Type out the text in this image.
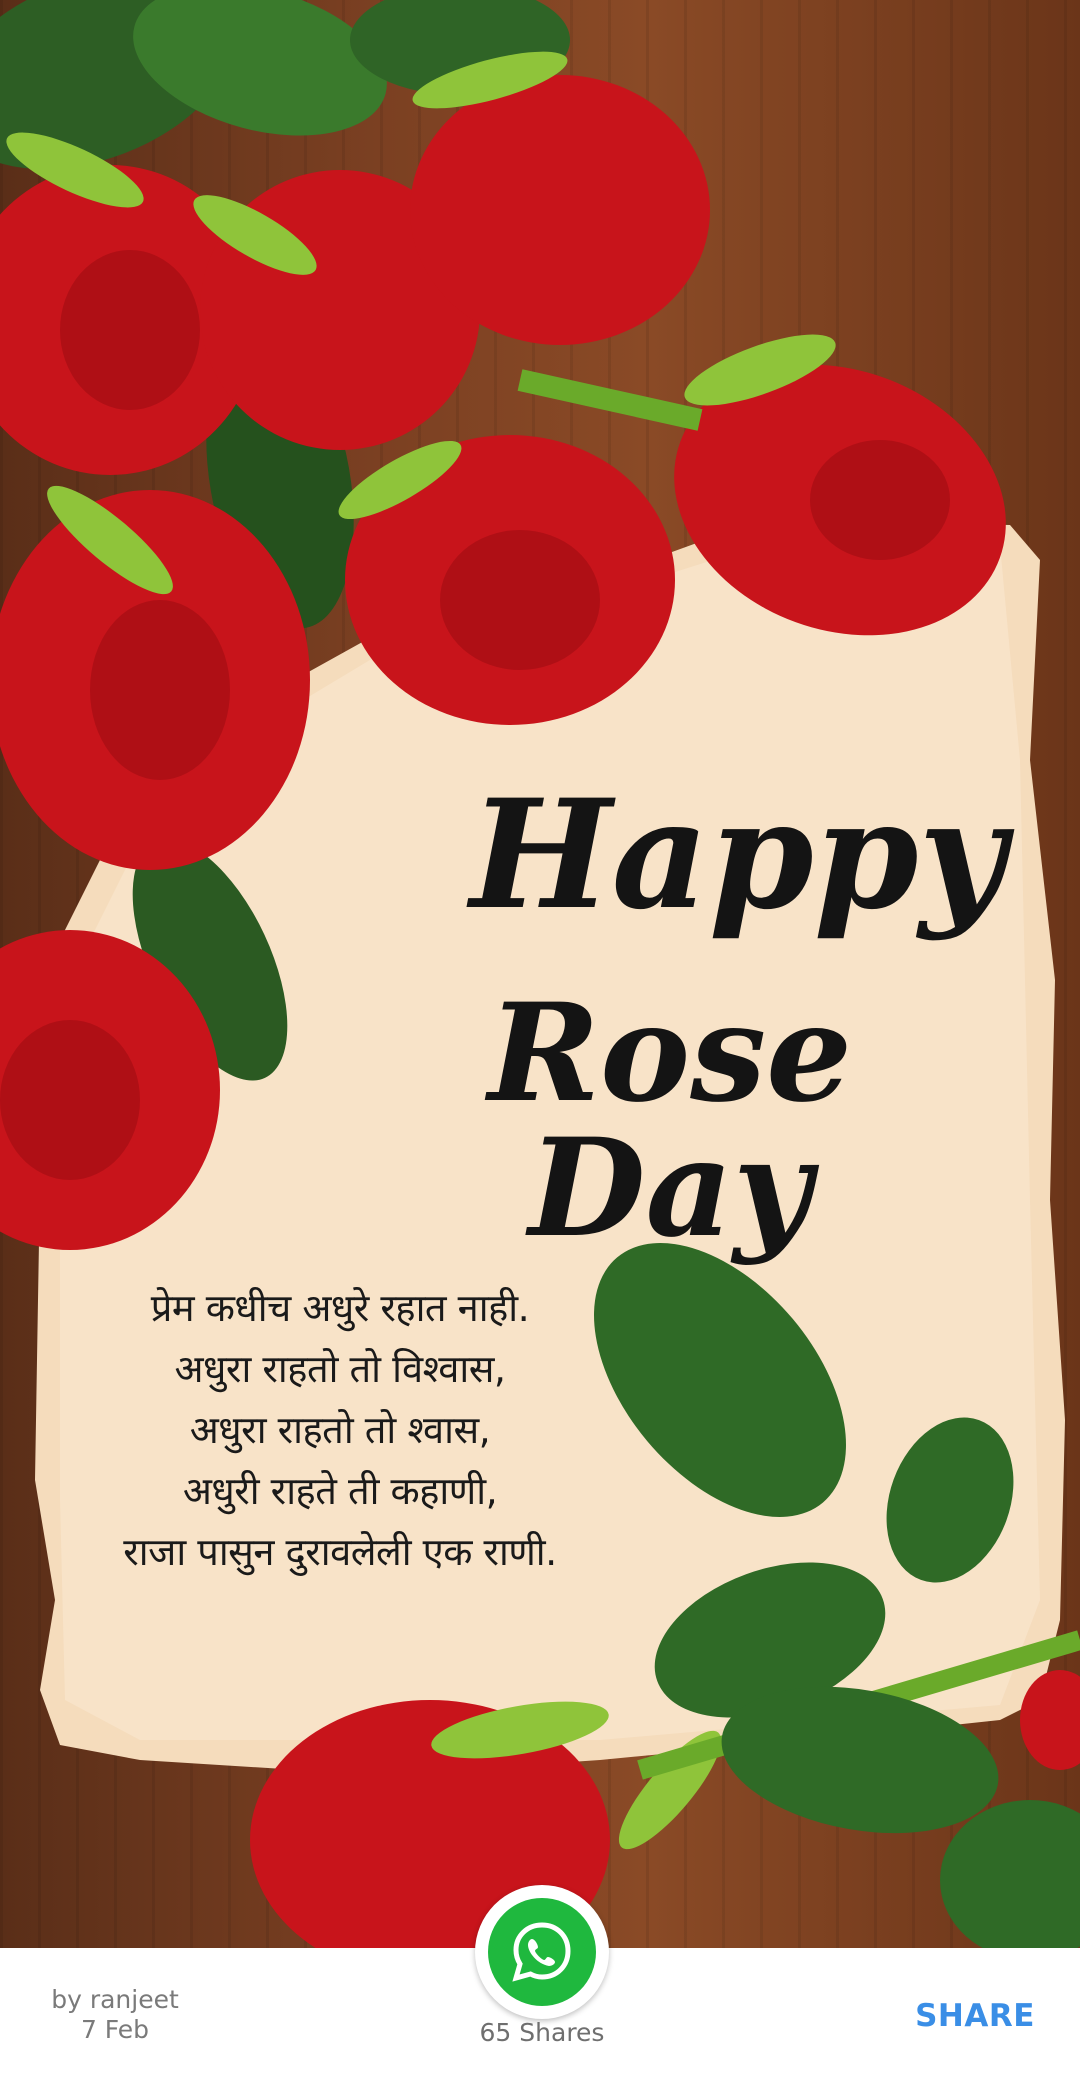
Happy
Rose Day
प्रेम कधीच अधुरे रहात नाही.
अधुरा राहतो तो विश्वास,
अधुरा राहतो तो श्वास,
अधुरी राहते ती कहाणी,
राजा पासुन दुरावलेली एक राणी.
by ranjeet
7 Feb	65 Shares	SHARE
